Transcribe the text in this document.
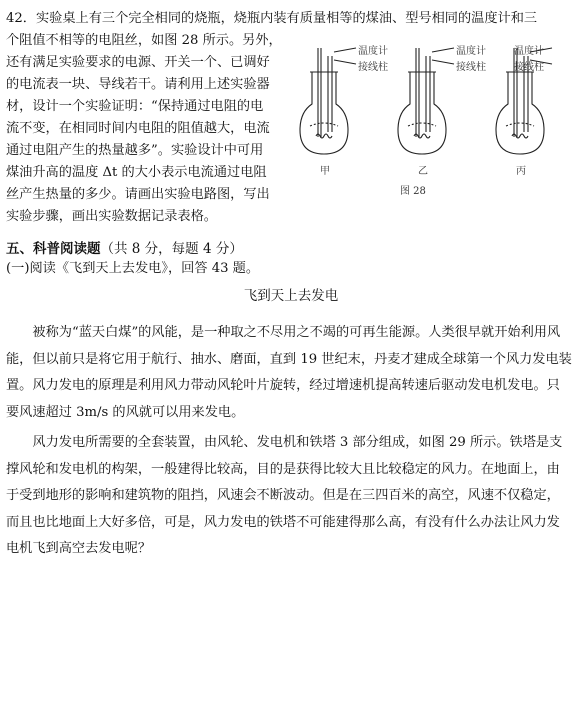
42．实验桌上有三个完全相同的烧瓶，烧瓶内装有质量相等的煤油、型号相同的温度计和三
个阻值不相等的电阻丝，如图 28 所示。另外，
还有满足实验要求的电源、开关一个、已调好
的电流表一块、导线若干。请利用上述实验器
材，设计一个实验证明：“保持通过电阻的电
流不变，在相同时间内电阻的阻值越大，电流
通过电阻产生的热量越多”。实验设计中可用
煤油升高的温度 Δt 的大小表示电流通过电阻
丝产生热量的多少。请画出实验电路图，写出
实验步骤，画出实验数据记录表格。
温度计
接线柱
温度计
接线柱
温度计
接线柱
甲	乙	丙
图 28
五、科普阅读题（共 8 分，每题 4 分）
(一)阅读《飞到天上去发电》，回答 43 题。
飞到天上去发电
被称为“蓝天白煤”的风能，是一种取之不尽用之不竭的可再生能源。人类很早就开始利用风能，但以前只是将它用于航行、抽水、磨面，直到 19 世纪末，丹麦才建成全球第一个风力发电装置。风力发电的原理是利用风力带动风轮叶片旋转，经过增速机提高转速后驱动发电机发电。只要风速超过 3m/s 的风就可以用来发电。
风力发电所需要的全套装置，由风轮、发电机和铁塔 3 部分组成，如图 29 所示。铁塔是支撑风轮和发电机的构架，一般建得比较高，目的是获得比较大且比较稳定的风力。在地面上，由于受到地形的影响和建筑物的阻挡，风速会不断波动。但是在三四百米的高空，风速不仅稳定，而且也比地面上大好多倍，可是，风力发电的铁塔不可能建得那么高，有没有什么办法让风力发电机飞到高空去发电呢？
